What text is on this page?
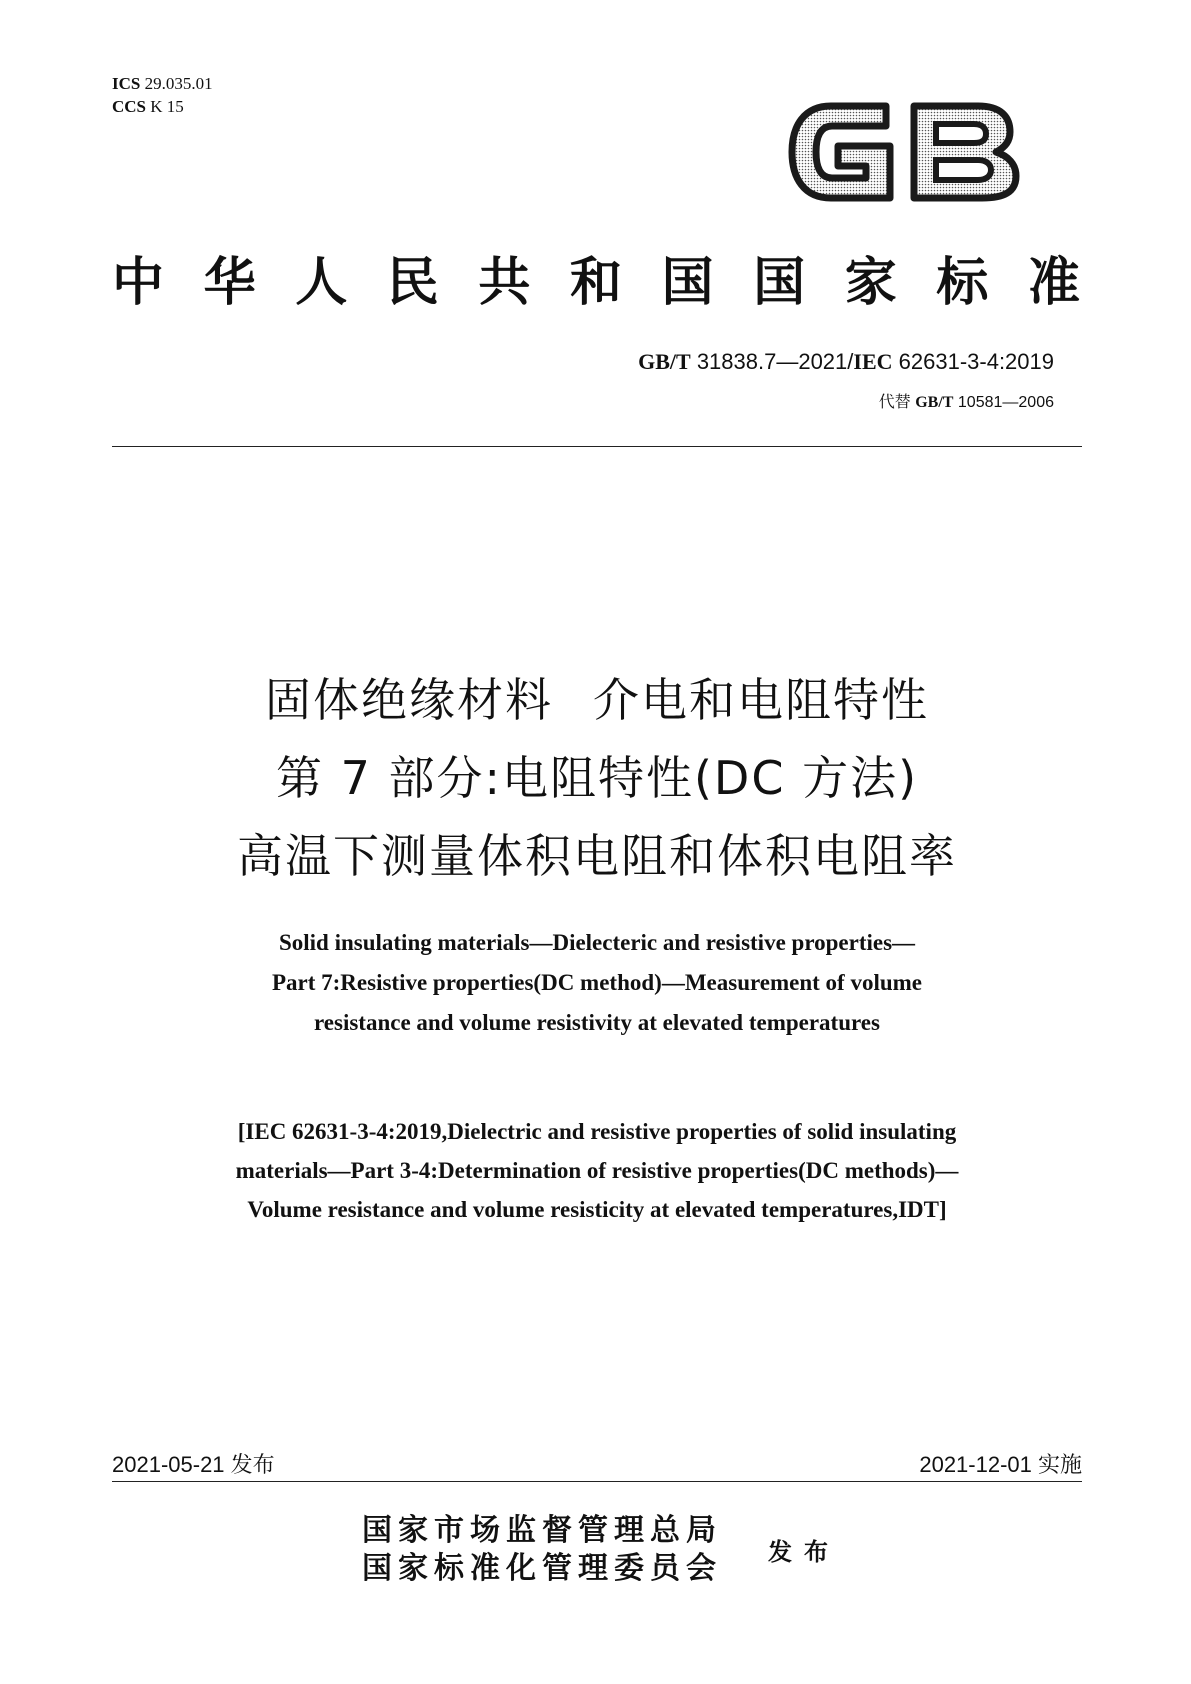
ICS 29.035.01
CCS K 15
中华人民共和国国家标准
GB/T 31838.7—2021/IEC 62631-3-4:2019
代替 GB/T 10581—2006
固体绝缘材料 介电和电阻特性
第 7 部分:电阻特性(DC 方法)
高温下测量体积电阻和体积电阻率
Solid insulating materials—Dielecteric and resistive properties—
Part 7:Resistive properties(DC method)—Measurement of volume
resistance and volume resistivity at elevated temperatures
[IEC 62631-3-4:2019,Dielectric and resistive properties of solid insulating
materials—Part 3-4:Determination of resistive properties(DC methods)—
Volume resistance and volume resisticity at elevated temperatures,IDT]
2021-05-21 发布	2021-12-01 实施
国家市场监督管理总局
国家标准化管理委员会 发布
